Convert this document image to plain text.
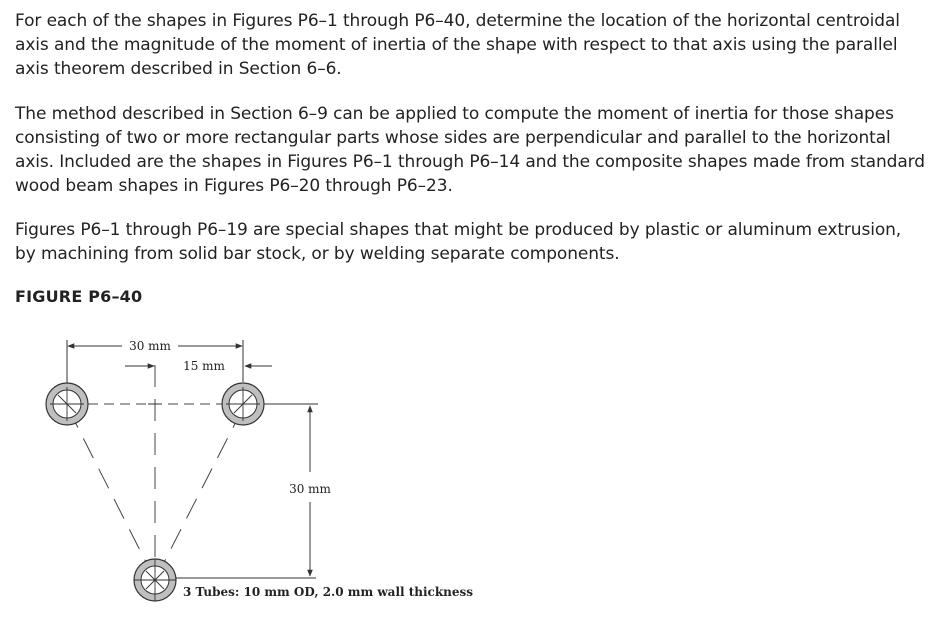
For each of the shapes in Figures P6–1 through P6–40, determine the location of the horizontal centroidal axis and the magnitude of the moment of inertia of the shape with respect to that axis using the parallel axis theorem described in Section 6–6.

The method described in Section 6–9 can be applied to compute the moment of inertia for those shapes consisting of two or more rectangular parts whose sides are perpendicular and parallel to the horizontal axis. Included are the shapes in Figures P6–1 through P6–14 and the composite shapes made from standard wood beam shapes in Figures P6–20 through P6–23.

Figures P6–1 through P6–19 are special shapes that might be produced by plastic or aluminum extrusion, by machining from solid bar stock, or by welding separate components.

FIGURE P6–40
30 mm
15 mm
30 mm
3 Tubes: 10 mm OD, 2.0 mm wall thickness
